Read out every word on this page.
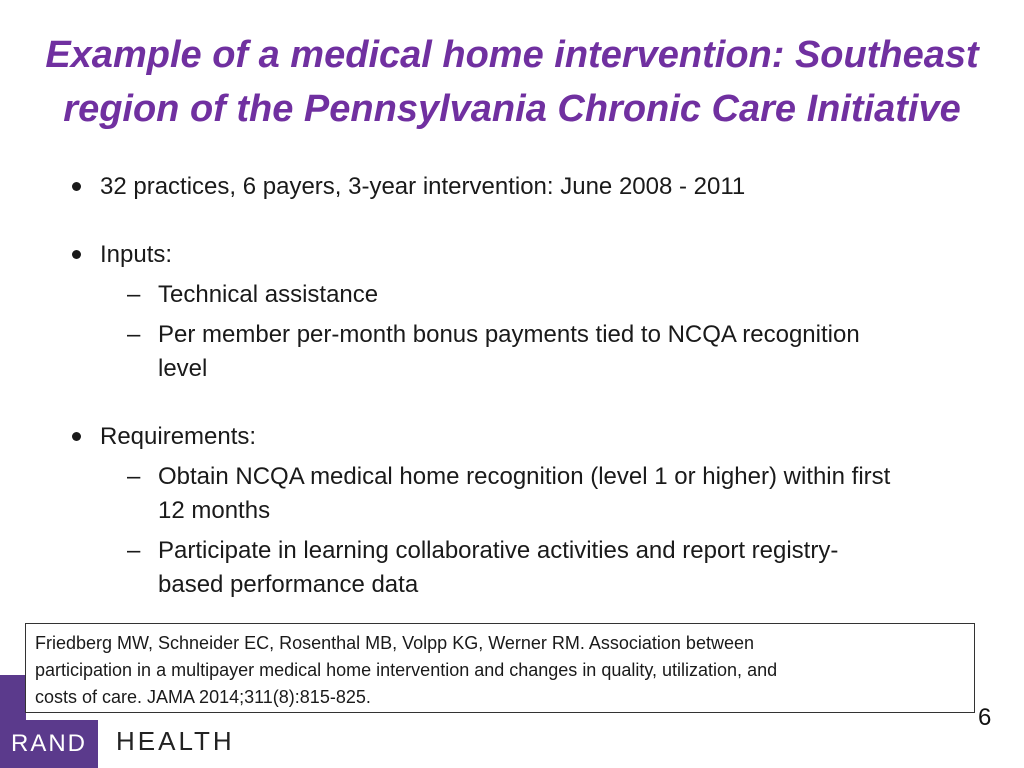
Example of a medical home intervention: Southeast
region of the Pennsylvania Chronic Care Initiative
32 practices, 6 payers, 3-year intervention: June 2008 - 2011
Inputs:
– Technical assistance
– Per member per-month bonus payments tied to NCQA recognition
level
Requirements:
– Obtain NCQA medical home recognition (level 1 or higher) within first
12 months
– Participate in learning collaborative activities and report registry-
based performance data
Friedberg MW, Schneider EC, Rosenthal MB, Volpp KG, Werner RM. Association between
participation in a multipayer medical home intervention and changes in quality, utilization, and
costs of care. JAMA 2014;311(8):815-825.
RAND	HEALTH
6
